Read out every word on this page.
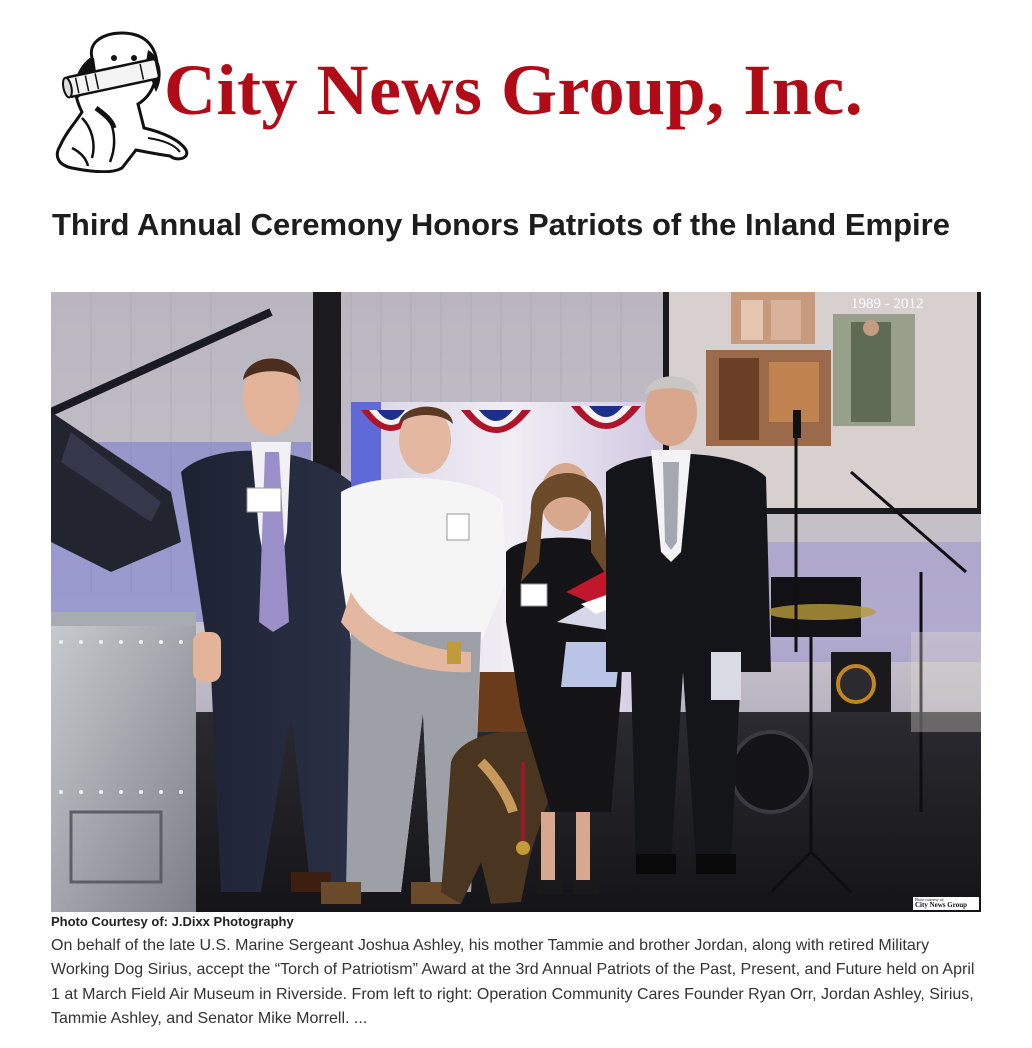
City News Group, Inc.
Third Annual Ceremony Honors Patriots of the Inland Empire
1989 - 2012
Photo courtesy of:
City News Group

Photo Courtesy of: J.Dixx Photography

On behalf of the late U.S. Marine Sergeant Joshua Ashley, his mother Tammie and brother Jordan, along with retired Military Working Dog Sirius, accept the “Torch of Patriotism” Award at the 3rd Annual Patriots of the Past, Present, and Future held on April 1 at March Field Air Museum in Riverside. From left to right: Operation Community Cares Founder Ryan Orr, Jordan Ashley, Sirius, Tammie Ashley, and Senator Mike Morrell. ...
